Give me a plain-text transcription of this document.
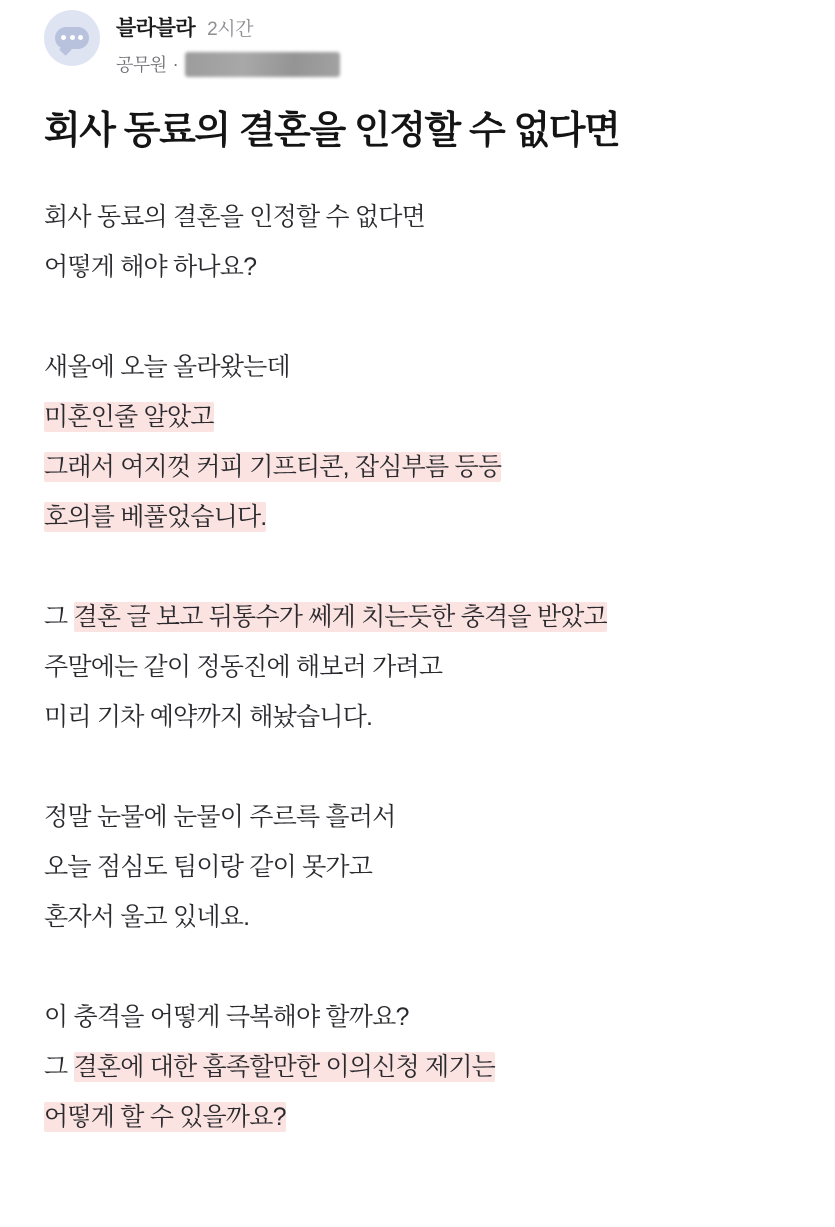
블라블라 2시간
공무원 ·
회사 동료의 결혼을 인정할 수 없다면

회사 동료의 결혼을 인정할 수 없다면
어떻게 해야 하나요?

새올에 오늘 올라왔는데
미혼인줄 알았고
그래서 여지껏 커피 기프티콘, 잡심부름 등등
호의를 베풀었습니다.

그 결혼 글 보고 뒤통수가 쎄게 치는듯한 충격을 받았고
주말에는 같이 정동진에 해보러 가려고
미리 기차 예약까지 해놨습니다.

정말 눈물에 눈물이 주르륵 흘러서
오늘 점심도 팀이랑 같이 못가고
혼자서 울고 있네요.

이 충격을 어떻게 극복해야 할까요?
그 결혼에 대한 흡족할만한 이의신청 제기는
어떻게 할 수 있을까요?
